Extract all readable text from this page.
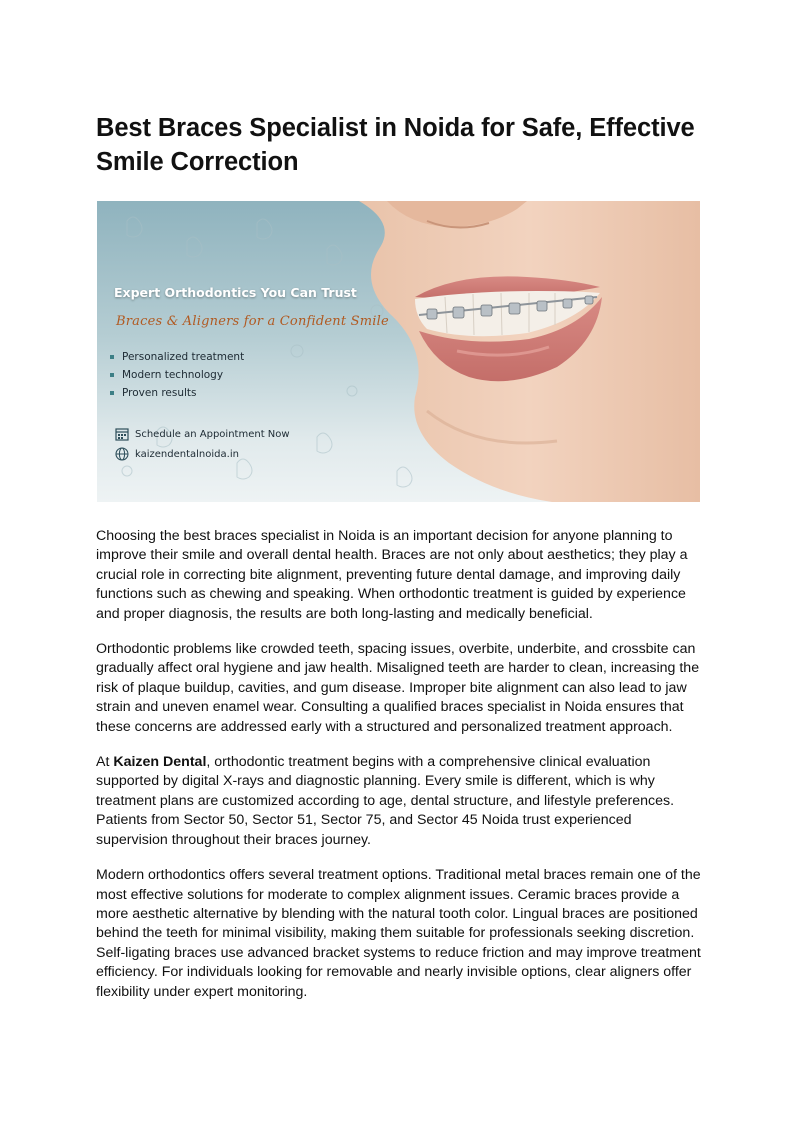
Best Braces Specialist in Noida for Safe, Effective Smile Correction
Expert Orthodontics You Can Trust
Braces & Aligners for a Confident Smile
Personalized treatment
Modern technology
Proven results
Schedule an Appointment Now
kaizendentalnoida.in

Choosing the best braces specialist in Noida is an important decision for anyone planning to improve their smile and overall dental health. Braces are not only about aesthetics; they play a crucial role in correcting bite alignment, preventing future dental damage, and improving daily functions such as chewing and speaking. When orthodontic treatment is guided by experience and proper diagnosis, the results are both long-lasting and medically beneficial.

Orthodontic problems like crowded teeth, spacing issues, overbite, underbite, and crossbite can gradually affect oral hygiene and jaw health. Misaligned teeth are harder to clean, increasing the risk of plaque buildup, cavities, and gum disease. Improper bite alignment can also lead to jaw strain and uneven enamel wear. Consulting a qualified braces specialist in Noida ensures that these concerns are addressed early with a structured and personalized treatment approach.

At Kaizen Dental, orthodontic treatment begins with a comprehensive clinical evaluation supported by digital X-rays and diagnostic planning. Every smile is different, which is why treatment plans are customized according to age, dental structure, and lifestyle preferences. Patients from Sector 50, Sector 51, Sector 75, and Sector 45 Noida trust experienced supervision throughout their braces journey.

Modern orthodontics offers several treatment options. Traditional metal braces remain one of the most effective solutions for moderate to complex alignment issues. Ceramic braces provide a more aesthetic alternative by blending with the natural tooth color. Lingual braces are positioned behind the teeth for minimal visibility, making them suitable for professionals seeking discretion. Self-ligating braces use advanced bracket systems to reduce friction and may improve treatment efficiency. For individuals looking for removable and nearly invisible options, clear aligners offer flexibility under expert monitoring.
